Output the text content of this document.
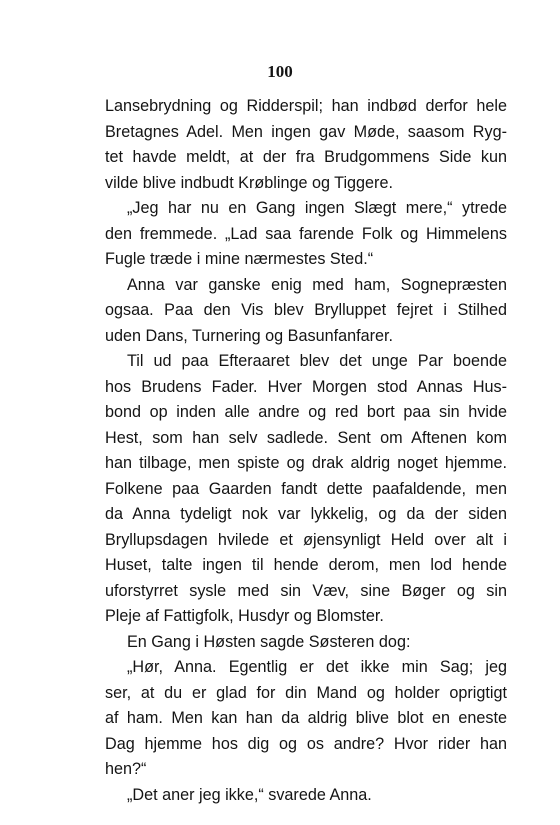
100
Lansebrydning og Ridderspil; han indbød derfor hele
Bretagnes Adel. Men ingen gav Møde, saasom Ryg-
tet havde meldt, at der fra Brudgommens Side kun
vilde blive indbudt Krøblinge og Tiggere.
„Jeg har nu en Gang ingen Slægt mere,“ ytrede
den fremmede. „Lad saa farende Folk og Himmelens
Fugle træde i mine nærmestes Sted.“
Anna var ganske enig med ham, Sognepræsten
ogsaa. Paa den Vis blev Brylluppet fejret i Stilhed
uden Dans, Turnering og Basunfanfarer.
Til ud paa Efteraaret blev det unge Par boende
hos Brudens Fader. Hver Morgen stod Annas Hus-
bond op inden alle andre og red bort paa sin hvide
Hest, som han selv sadlede. Sent om Aftenen kom
han tilbage, men spiste og drak aldrig noget hjemme.
Folkene paa Gaarden fandt dette paafaldende, men
da Anna tydeligt nok var lykkelig, og da der siden
Bryllupsdagen hvilede et øjensynligt Held over alt i
Huset, talte ingen til hende derom, men lod hende
uforstyrret sysle med sin Væv, sine Bøger og sin
Pleje af Fattigfolk, Husdyr og Blomster.
En Gang i Høsten sagde Søsteren dog:
„Hør, Anna. Egentlig er det ikke min Sag; jeg
ser, at du er glad for din Mand og holder oprigtigt
af ham. Men kan han da aldrig blive blot en eneste
Dag hjemme hos dig og os andre? Hvor rider han
hen?“
„Det aner jeg ikke,“ svarede Anna.
